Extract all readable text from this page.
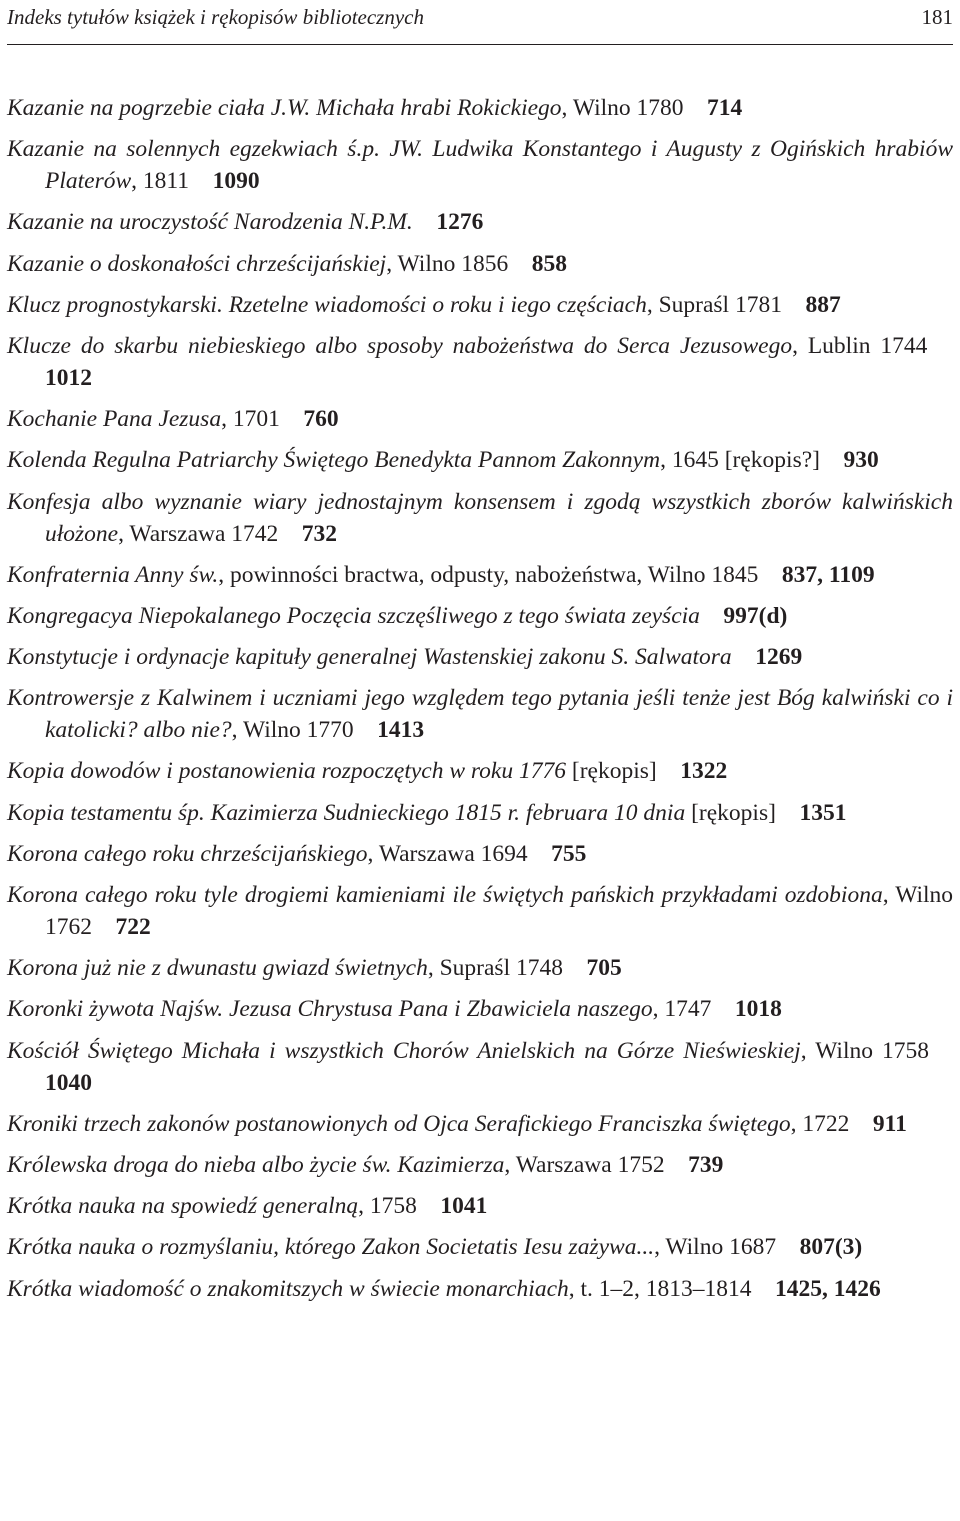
Indeks tytułów książek i rękopisów bibliotecznych	181

Kazanie na pogrzebie ciała J.W. Michała hrabi Rokickiego, Wilno 1780 714

Kazanie na solennych egzekwiach ś.p. JW. Ludwika Konstantego i Augusty z Ogińskich hrabiów Platerów, 1811 1090

Kazanie na uroczystość Narodzenia N.P.M. 1276

Kazanie o doskonałości chrześcijańskiej, Wilno 1856 858

Klucz prognostykarski. Rzetelne wiadomości o roku i iego częściach, Supraśl 1781 887

Klucze do skarbu niebieskiego albo sposoby nabożeństwa do Serca Jezusowego, Lublin 1744    1012

Kochanie Pana Jezusa, 1701 760

Kolenda Regulna Patriarchy Świętego Benedykta Pannom Zakonnym, 1645 [rękopis?] 930

Konfesja albo wyznanie wiary jednostajnym konsensem i zgodą wszystkich zborów kalwińskich ułożone, Warszawa 1742 732

Konfraternia Anny św., powinności bractwa, odpusty, nabożeństwa, Wilno 1845 837, 1109

Kongregacya Niepokalanego Poczęcia szczęśliwego z tego świata zeyścia 997(d)

Konstytucje i ordynacje kapituły generalnej Wastenskiej zakonu S. Salwatora 1269

Kontrowersje z Kalwinem i uczniami jego względem tego pytania jeśli tenże jest Bóg kalwiński co i katolicki? albo nie?, Wilno 1770 1413

Kopia dowodów i postanowienia rozpoczętych w roku 1776 [rękopis] 1322

Kopia testamentu śp. Kazimierza Sudnieckiego 1815 r. februara 10 dnia [rękopis] 1351

Korona całego roku chrześcijańskiego, Warszawa 1694 755

Korona całego roku tyle drogiemi kamieniami ile świętych pańskich przykładami ozdobiona, Wilno 1762 722

Korona już nie z dwunastu gwiazd świetnych, Supraśl 1748 705

Koronki żywota Najśw. Jezusa Chrystusa Pana i Zbawiciela naszego, 1747 1018

Kościół Świętego Michała i wszystkich Chorów Anielskich na Górze Nieświeskiej, Wilno 1758    1040

Kroniki trzech zakonów postanowionych od Ojca Serafickiego Franciszka świętego, 1722 911

Królewska droga do nieba albo życie św. Kazimierza, Warszawa 1752 739

Krótka nauka na spowiedź generalną, 1758 1041

Krótka nauka o rozmyślaniu, którego Zakon Societatis Iesu zażywa..., Wilno 1687 807(3)

Krótka wiadomość o znakomitszych w świecie monarchiach, t. 1–2, 1813–1814 1425, 1426
